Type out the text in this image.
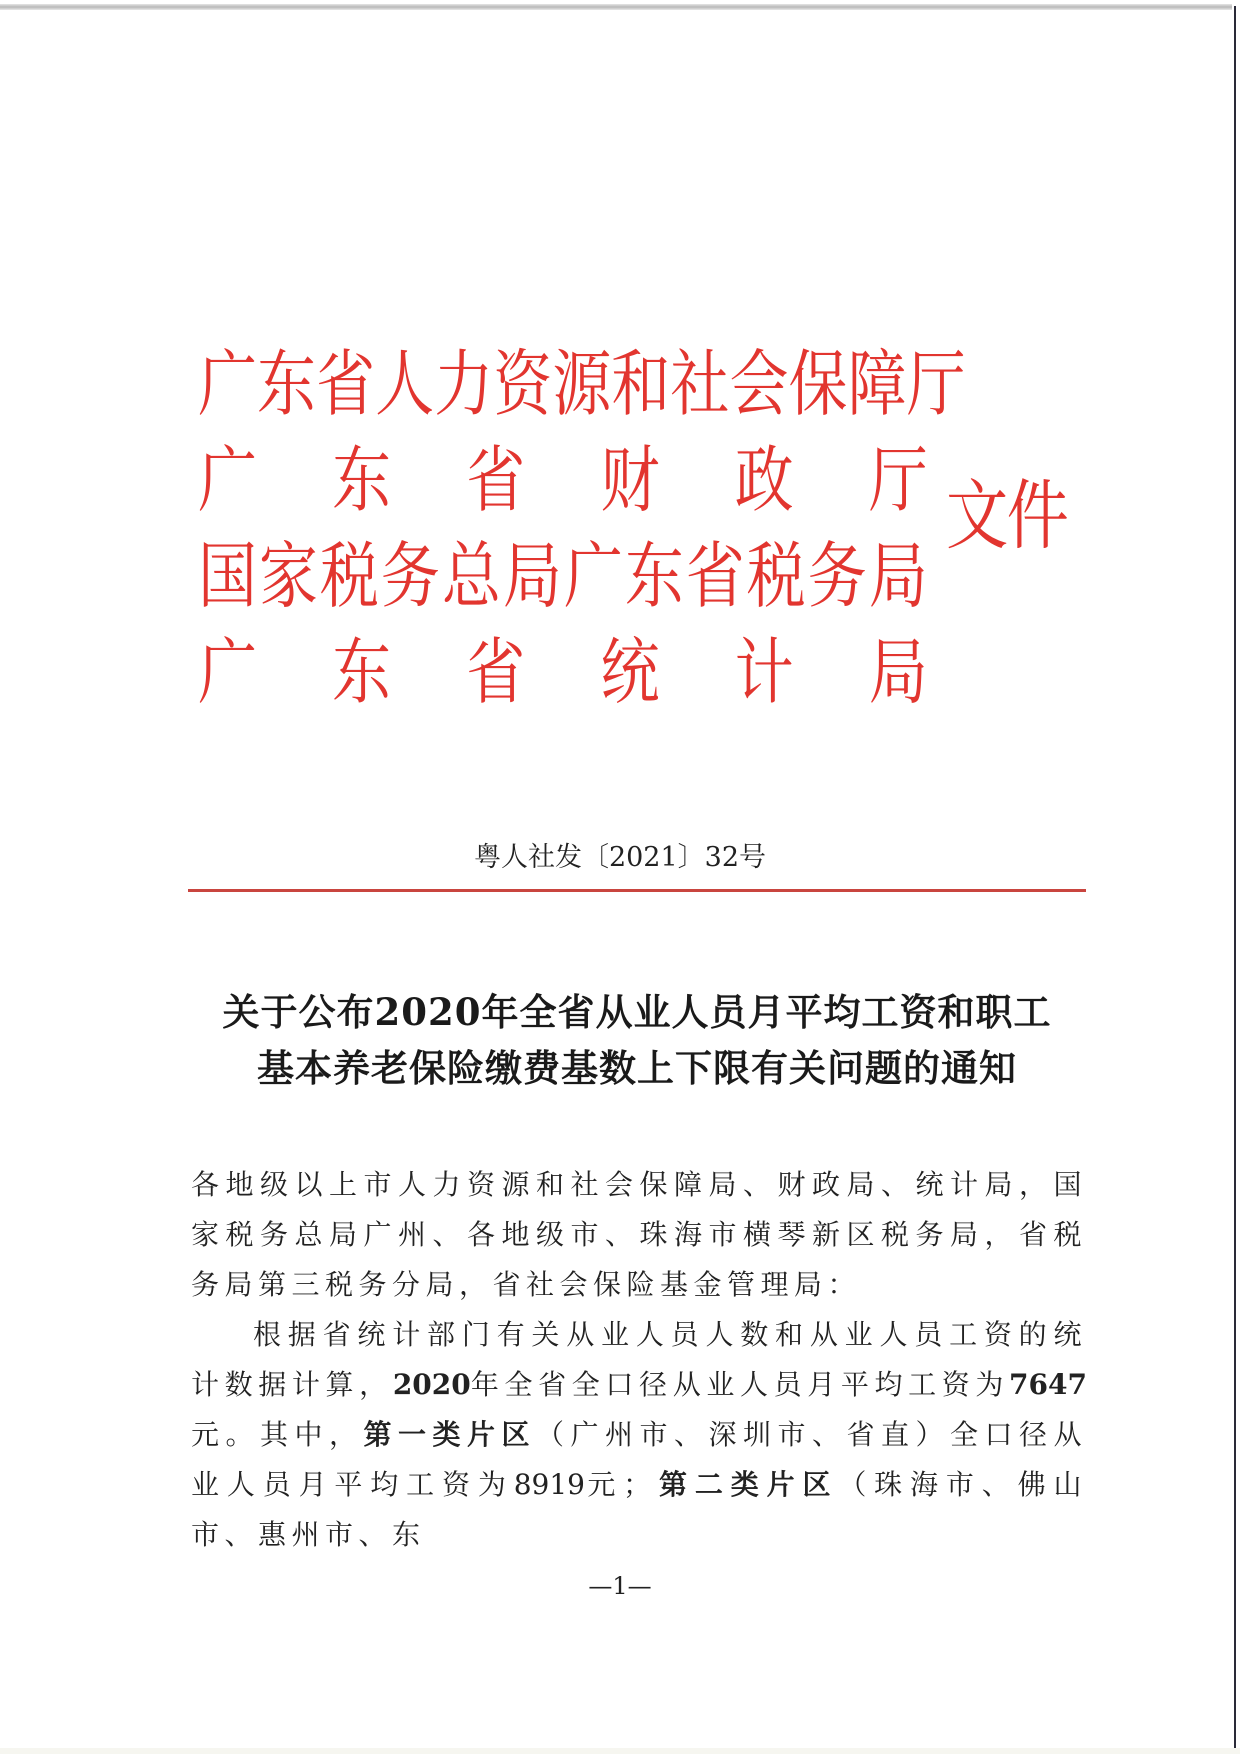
广 东 省 人 力 资 源 和 社 会 保 障 厅
广 东 省 财 政 厅
国 家 税 务 总 局 广 东 省 税 务 局
广 东 省 统 计 局
文件
粤人社发〔2021〕32号
关于公布2020年全省从业人员月平均工资和职工
基本养老保险缴费基数上下限有关问题的通知

各地级以上市人力资源和社会保障局、财政局、统计局，国家税务总局广州、各地级市、珠海市横琴新区税务局，省税务局第三税务分局，省社会保险基金管理局：

根据省统计部门有关从业人员人数和从业人员工资的统计数据计算，2020年全省全口径从业人员月平均工资为7647元。其中，第一类片区（广州市、深圳市、省直）全口径从业人员月平均工资为8919元；第二类片区（珠海市、佛山市、惠州市、东

—1—
